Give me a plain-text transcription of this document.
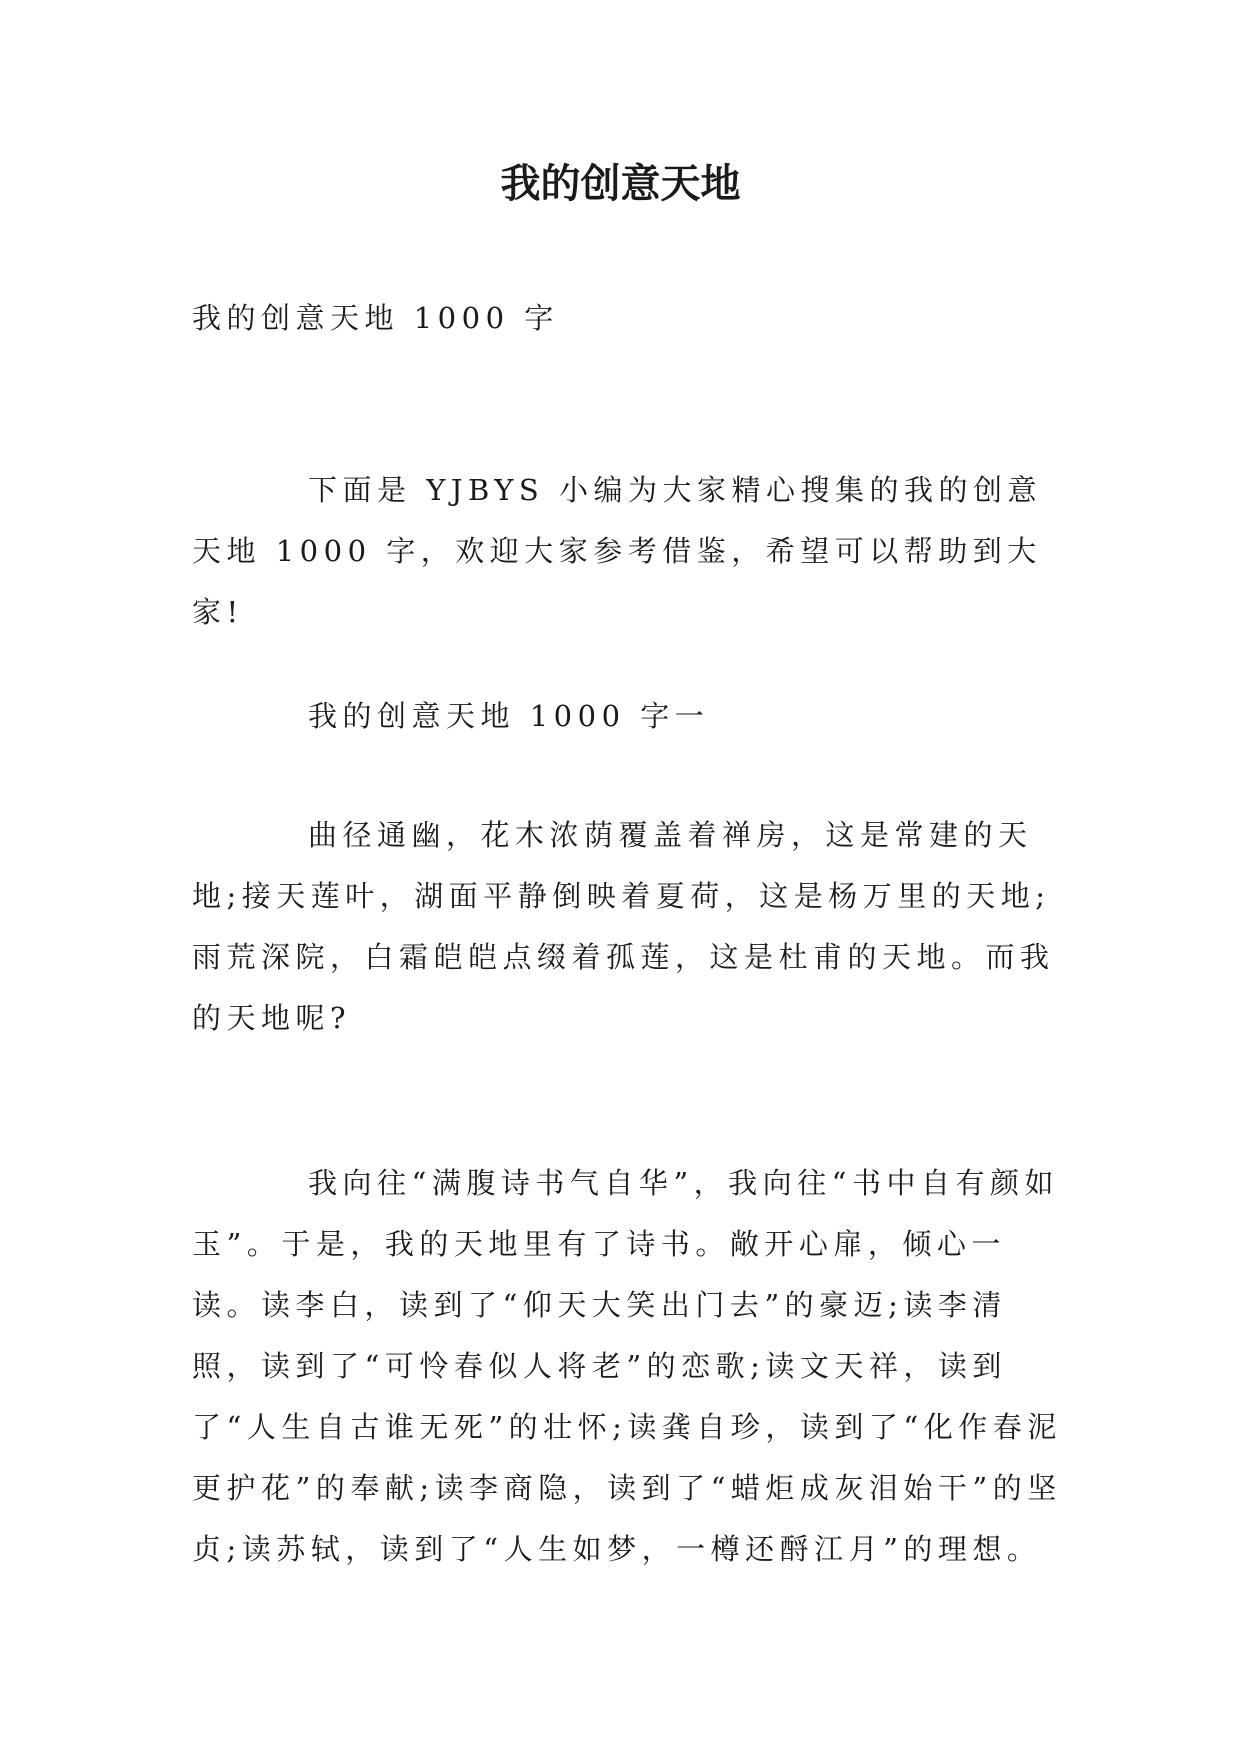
我的创意天地

我的创意天地 1000 字

下面是 YJBYS 小编为大家精心搜集的我的创意天地 1000 字，欢迎大家参考借鉴，希望可以帮助到大家!

我的创意天地 1000 字一

曲径通幽，花木浓荫覆盖着禅房，这是常建的天地;接天莲叶，湖面平静倒映着夏荷，这是杨万里的天地;雨荒深院，白霜皑皑点缀着孤莲，这是杜甫的天地。而我的天地呢?

我向往“满腹诗书气自华”，我向往“书中自有颜如玉”。于是，我的天地里有了诗书。敞开心扉，倾心一读。读李白，读到了“仰天大笑出门去”的豪迈;读李清照，读到了“可怜春似人将老”的恋歌;读文天祥，读到了“人生自古谁无死”的壮怀;读龚自珍，读到了“化作春泥更护花”的奉献;读李商隐，读到了“蜡炬成灰泪始干”的坚贞;读苏轼，读到了“人生如梦，一樽还酹江月”的理想。
